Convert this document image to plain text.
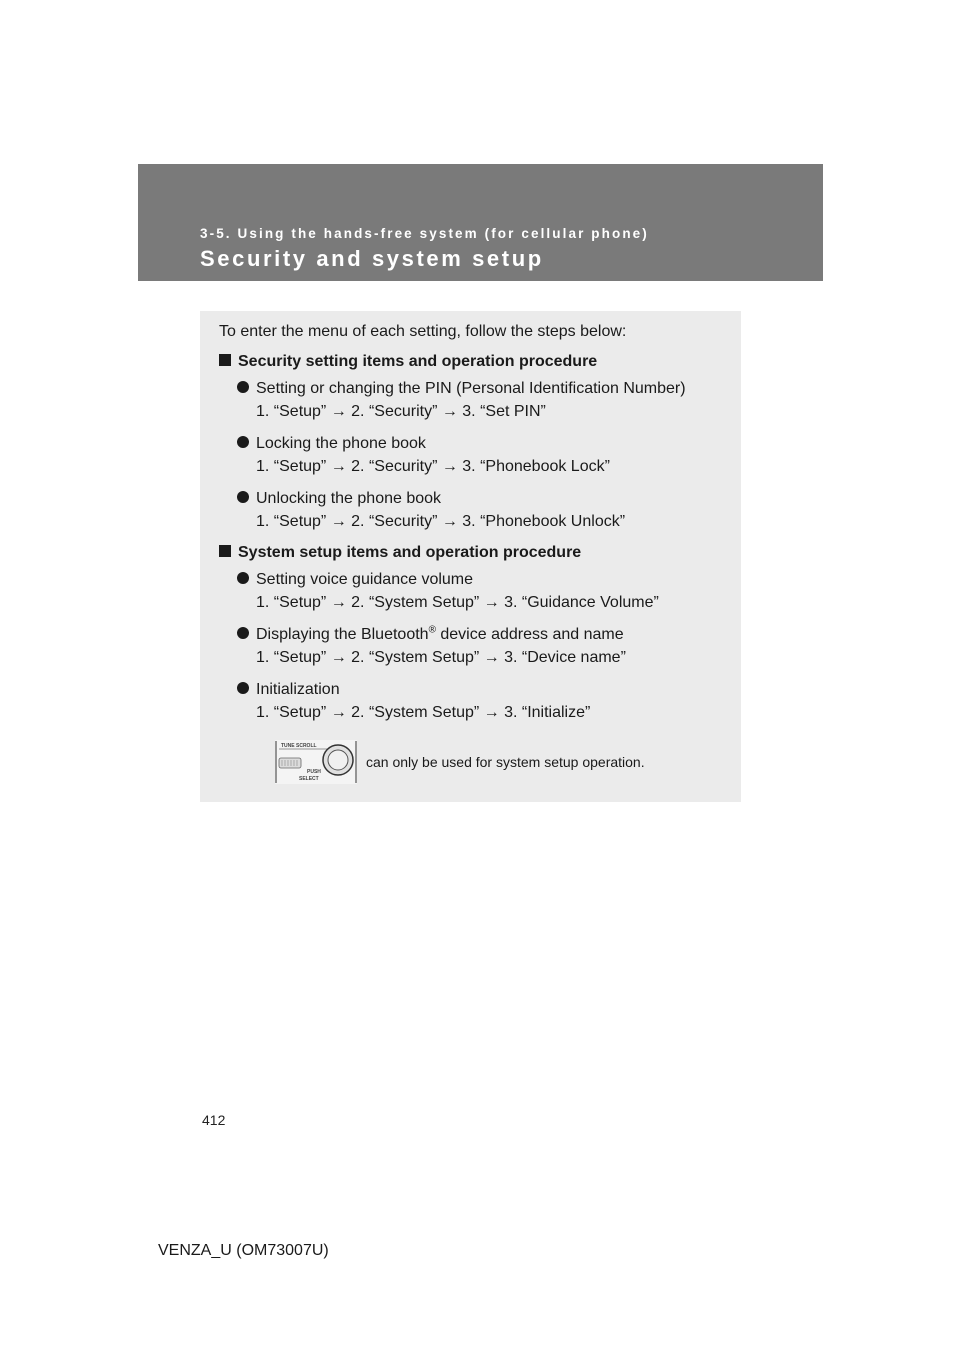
3-5. Using the hands-free system (for cellular phone)
Security and system setup
To enter the menu of each setting, follow the steps below:
Security setting items and operation procedure
Setting or changing the PIN (Personal Identification Number)
1. “Setup” → 2. “Security” → 3. “Set PIN”
Locking the phone book
1. “Setup” → 2. “Security” → 3. “Phonebook Lock”
Unlocking the phone book
1. “Setup” → 2. “Security” → 3. “Phonebook Unlock”
System setup items and operation procedure
Setting voice guidance volume
1. “Setup” → 2. “System Setup” → 3. “Guidance Volume”
Displaying the Bluetooth® device address and name
1. “Setup” → 2. “System Setup” → 3. “Device name”
Initialization
1. “Setup” → 2. “System Setup” → 3. “Initialize”
TUNE SCROLL
PUSH
SELECT
can only be used for system setup operation.
412
VENZA_U (OM73007U)
